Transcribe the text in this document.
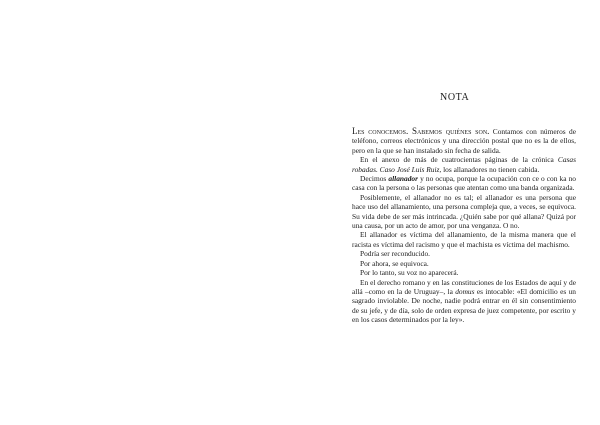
NOTA

Les conocemos. Sabemos quiénes son. Contamos con números de teléfono, correos electrónicos y una dirección postal que no es la de ellos, pero en la que se han instalado sin fecha de salida.

En el anexo de más de cuatrocientas páginas de la crónica Casas robadas. Caso José Luis Ruiz, los allanadores no tienen cabida.

Decimos allanador y no ocupa, porque la ocupación con ce o con ka no casa con la persona o las personas que atentan como una banda organizada.

Posiblemente, el allanador no es tal; el allanador es una persona que hace uso del allanamiento, una persona compleja que, a veces, se equivoca. Su vida debe de ser más intrincada. ¿Quién sabe por qué allana? Quizá por una causa, por un acto de amor, por una venganza. O no.

El allanador es víctima del allanamiento, de la misma manera que el racista es víctima del racismo y que el machista es víctima del machismo.

Podría ser reconducido.

Por ahora, se equivoca.

Por lo tanto, su voz no aparecerá.

En el derecho romano y en las constituciones de los Estados de aquí y de allá –como en la de Uruguay–, la domus es intocable: «El domicilio es un sagrado inviolable. De noche, nadie podrá entrar en él sin consentimiento de su jefe, y de día, solo de orden expresa de juez competente, por escrito y en los casos determinados por la ley».
